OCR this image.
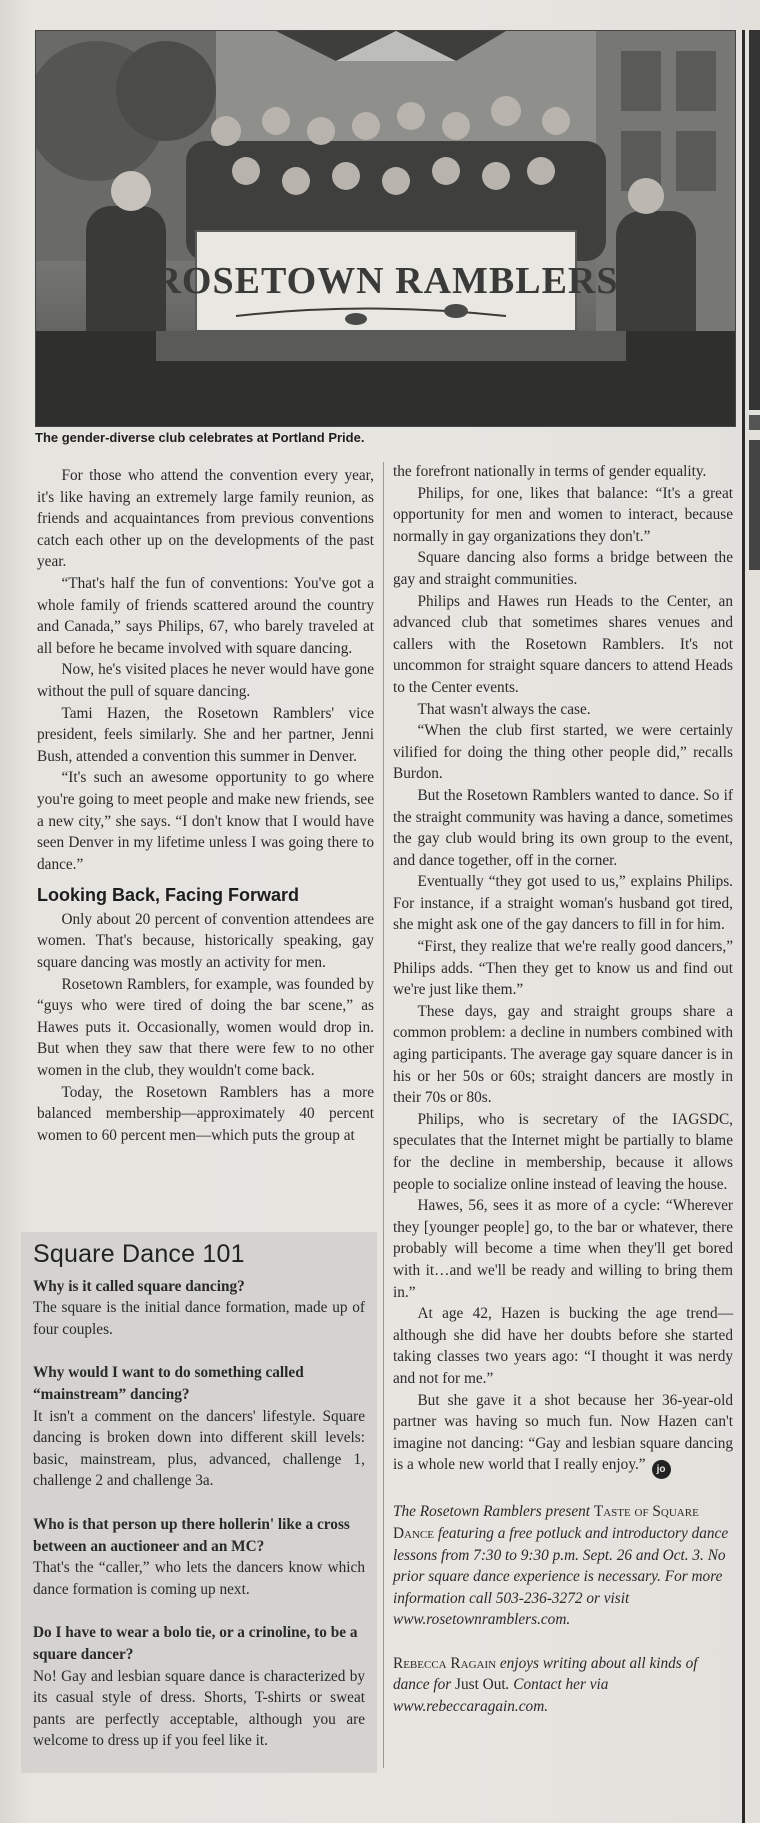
ROSETOWN RAMBLERS
The gender-diverse club celebrates at Portland Pride.

For those who attend the convention every year, it's like having an extremely large family reunion, as friends and acquaintances from previous conventions catch each other up on the developments of the past year.

“That's half the fun of conventions: You've got a whole family of friends scattered around the country and Canada,” says Philips, 67, who barely traveled at all before he became involved with square dancing.

Now, he's visited places he never would have gone without the pull of square dancing.

Tami Hazen, the Rosetown Ramblers' vice president, feels similarly. She and her partner, Jenni Bush, attended a convention this summer in Denver.

“It's such an awesome opportunity to go where you're going to meet people and make new friends, see a new city,” she says. “I don't know that I would have seen Denver in my lifetime unless I was going there to dance.”

Looking Back, Facing Forward

Only about 20 percent of convention attendees are women. That's because, historically speaking, gay square dancing was mostly an activity for men.

Rosetown Ramblers, for example, was founded by “guys who were tired of doing the bar scene,” as Hawes puts it. Occasionally, women would drop in. But when they saw that there were few to no other women in the club, they wouldn't come back.

Today, the Rosetown Ramblers has a more balanced membership—approximately 40 percent women to 60 percent men—which puts the group at

the forefront nationally in terms of gender equality.

Philips, for one, likes that balance: “It's a great opportunity for men and women to interact, because normally in gay organizations they don't.”

Square dancing also forms a bridge between the gay and straight communities.

Philips and Hawes run Heads to the Center, an advanced club that sometimes shares venues and callers with the Rosetown Ramblers. It's not uncommon for straight square dancers to attend Heads to the Center events.

That wasn't always the case.

“When the club first started, we were certainly vilified for doing the thing other people did,” recalls Burdon.

But the Rosetown Ramblers wanted to dance. So if the straight community was having a dance, sometimes the gay club would bring its own group to the event, and dance together, off in the corner.

Eventually “they got used to us,” explains Philips. For instance, if a straight woman's husband got tired, she might ask one of the gay dancers to fill in for him.

“First, they realize that we're really good dancers,” Philips adds. “Then they get to know us and find out we're just like them.”

These days, gay and straight groups share a common problem: a decline in numbers combined with aging participants. The average gay square dancer is in his or her 50s or 60s; straight dancers are mostly in their 70s or 80s.

Philips, who is secretary of the IAGSDC, speculates that the Internet might be partially to blame for the decline in membership, because it allows people to socialize online instead of leaving the house.

Hawes, 56, sees it as more of a cycle: “Wherever they [younger people] go, to the bar or whatever, there probably will become a time when they'll get bored with it…and we'll be ready and willing to bring them in.”

At age 42, Hazen is bucking the age trend—although she did have her doubts before she started taking classes two years ago: “I thought it was nerdy and not for me.”

But she gave it a shot because her 36-year-old partner was having so much fun. Now Hazen can't imagine not dancing: “Gay and lesbian square dancing is a whole new world that I really enjoy.” jo

The Rosetown Ramblers present Taste of Square Dance featuring a free potluck and introductory dance lessons from 7:30 to 9:30 p.m. Sept. 26 and Oct. 3. No prior square dance experience is necessary. For more information call 503-236-3272 or visit www.rosetownramblers.com.

Rebecca Ragain enjoys writing about all kinds of dance for Just Out. Contact her via www.rebeccaragain.com.

Square Dance 101

Why is it called square dancing?

The square is the initial dance formation, made up of four couples.

Why would I want to do something called “mainstream” dancing?

It isn't a comment on the dancers' lifestyle. Square dancing is broken down into different skill levels: basic, mainstream, plus, advanced, challenge 1, challenge 2 and challenge 3a.

Who is that person up there hollerin' like a cross between an auctioneer and an MC?

That's the “caller,” who lets the dancers know which dance formation is coming up next.

Do I have to wear a bolo tie, or a crinoline, to be a square dancer?

No! Gay and lesbian square dance is characterized by its casual style of dress. Shorts, T-shirts or sweat pants are perfectly acceptable, although you are welcome to dress up if you feel like it.
